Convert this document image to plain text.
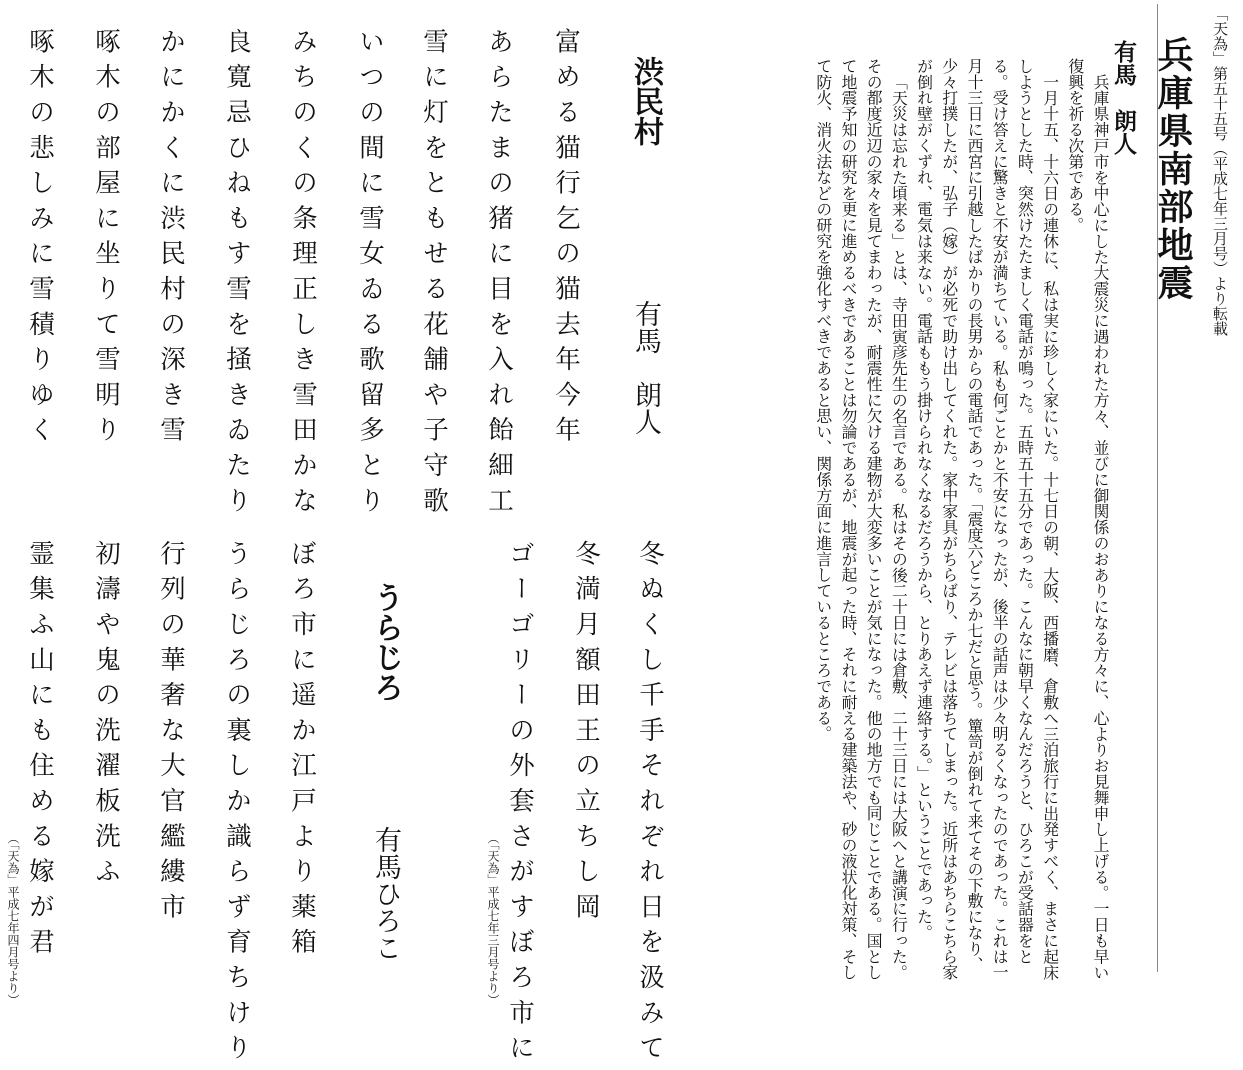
「天為」第五十五号（平成七年三月号）より転載
兵庫県南部地震
有馬　朗人

兵庫県神戸市を中心にした大震災に遇われた方々、並びに御関係のおありになる方々に、心よりお見舞申し上げる。一日も早い復興を祈る次第である。

一月十五、十六日の連休に、私は実に珍しく家にいた。十七日の朝、大阪、西播磨、倉敷へ三泊旅行に出発すべく、まさに起床しようとした時、突然けたたましく電話が鳴った。五時五十五分であった。こんなに朝早くなんだろうと、ひろこが受話器をとる。受け答えに驚きと不安が満ちている。私も何ごとかと不安になったが、後半の話声は少々明るくなったのであった。これは一月十三日に西宮に引越したばかりの長男からの電話であった。「震度六どころか七だと思う。簞笥が倒れて来てその下敷になり、少々打撲したが、弘子（嫁）が必死で助け出してくれた。家中家具がちらばり、テレビは落ちてしまった。近所はあちらこちら家が倒れ壁がくずれ、電気は来ない。電話ももう掛けられなくなるだろうから、とりあえず連絡する。」ということであった。

「天災は忘れた頃来る」とは、寺田寅彦先生の名言である。私はその後二十日には倉敷、二十三日には大阪へと講演に行った。その都度近辺の家々を見てまわったが、耐震性に欠ける建物が大変多いことが気になった。他の地方でも同じことである。国として地震予知の研究を更に進めるべきであることは勿論であるが、地震が起った時、それに耐える建築法や、砂の液状化対策、そして防火、消火法などの研究を強化すべきであると思い、関係方面に進言しているところである。

渋民村
有馬　朗人
富める猫行乞の猫去年今年
あらたまの猪に目を入れ飴細工
雪に灯をともせる花舗や子守歌
いつの間に雪女ゐる歌留多とり
みちのくの条理正しき雪田かな
良寛忌ひねもす雪を掻きゐたり
かにかくに渋民村の深き雪
啄木の部屋に坐りて雪明り
啄木の悲しみに雪積りゆく
冬ぬくし千手それぞれ日を汲みて
冬満月額田王の立ちし岡
ゴーゴリーの外套さがすぼろ市に
（「天為」平成七年三月号より）
うらじろ
有馬ひろこ
ぼろ市に遥か江戸より薬箱
うらじろの裏しか識らず育ちけり
行列の華奢な大官繿縷市
初濤や鬼の洗濯板洗ふ
霊集ふ山にも住める嫁が君
（「天為」平成七年四月号より）
